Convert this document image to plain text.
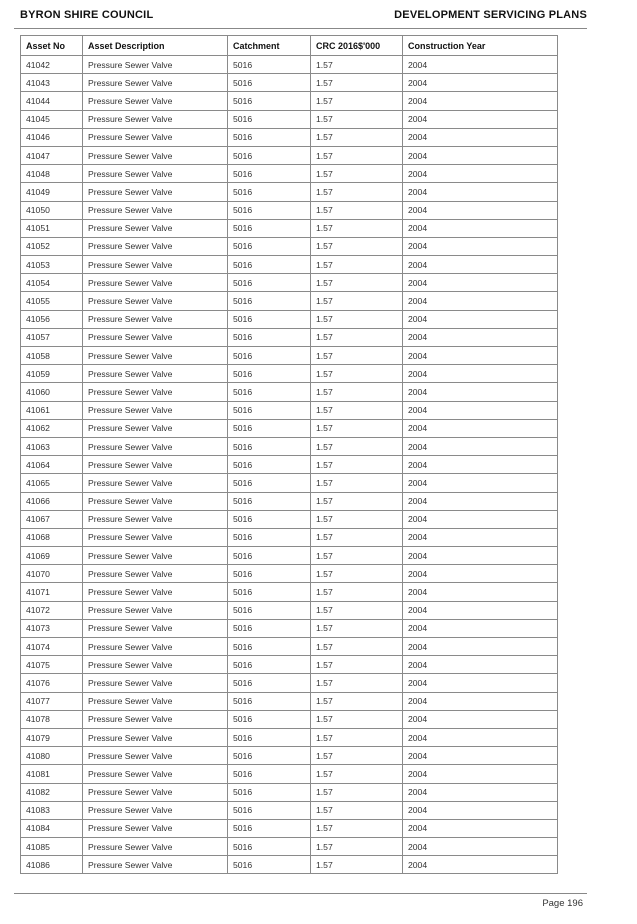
BYRON SHIRE COUNCIL	DEVELOPMENT SERVICING PLANS
Asset No	Asset Description	Catchment	CRC 2016$'000	Construction Year
41042	Pressure Sewer Valve	5016	1.57	2004
41043	Pressure Sewer Valve	5016	1.57	2004
41044	Pressure Sewer Valve	5016	1.57	2004
41045	Pressure Sewer Valve	5016	1.57	2004
41046	Pressure Sewer Valve	5016	1.57	2004
41047	Pressure Sewer Valve	5016	1.57	2004
41048	Pressure Sewer Valve	5016	1.57	2004
41049	Pressure Sewer Valve	5016	1.57	2004
41050	Pressure Sewer Valve	5016	1.57	2004
41051	Pressure Sewer Valve	5016	1.57	2004
41052	Pressure Sewer Valve	5016	1.57	2004
41053	Pressure Sewer Valve	5016	1.57	2004
41054	Pressure Sewer Valve	5016	1.57	2004
41055	Pressure Sewer Valve	5016	1.57	2004
41056	Pressure Sewer Valve	5016	1.57	2004
41057	Pressure Sewer Valve	5016	1.57	2004
41058	Pressure Sewer Valve	5016	1.57	2004
41059	Pressure Sewer Valve	5016	1.57	2004
41060	Pressure Sewer Valve	5016	1.57	2004
41061	Pressure Sewer Valve	5016	1.57	2004
41062	Pressure Sewer Valve	5016	1.57	2004
41063	Pressure Sewer Valve	5016	1.57	2004
41064	Pressure Sewer Valve	5016	1.57	2004
41065	Pressure Sewer Valve	5016	1.57	2004
41066	Pressure Sewer Valve	5016	1.57	2004
41067	Pressure Sewer Valve	5016	1.57	2004
41068	Pressure Sewer Valve	5016	1.57	2004
41069	Pressure Sewer Valve	5016	1.57	2004
41070	Pressure Sewer Valve	5016	1.57	2004
41071	Pressure Sewer Valve	5016	1.57	2004
41072	Pressure Sewer Valve	5016	1.57	2004
41073	Pressure Sewer Valve	5016	1.57	2004
41074	Pressure Sewer Valve	5016	1.57	2004
41075	Pressure Sewer Valve	5016	1.57	2004
41076	Pressure Sewer Valve	5016	1.57	2004
41077	Pressure Sewer Valve	5016	1.57	2004
41078	Pressure Sewer Valve	5016	1.57	2004
41079	Pressure Sewer Valve	5016	1.57	2004
41080	Pressure Sewer Valve	5016	1.57	2004
41081	Pressure Sewer Valve	5016	1.57	2004
41082	Pressure Sewer Valve	5016	1.57	2004
41083	Pressure Sewer Valve	5016	1.57	2004
41084	Pressure Sewer Valve	5016	1.57	2004
41085	Pressure Sewer Valve	5016	1.57	2004
41086	Pressure Sewer Valve	5016	1.57	2004
Page 196
